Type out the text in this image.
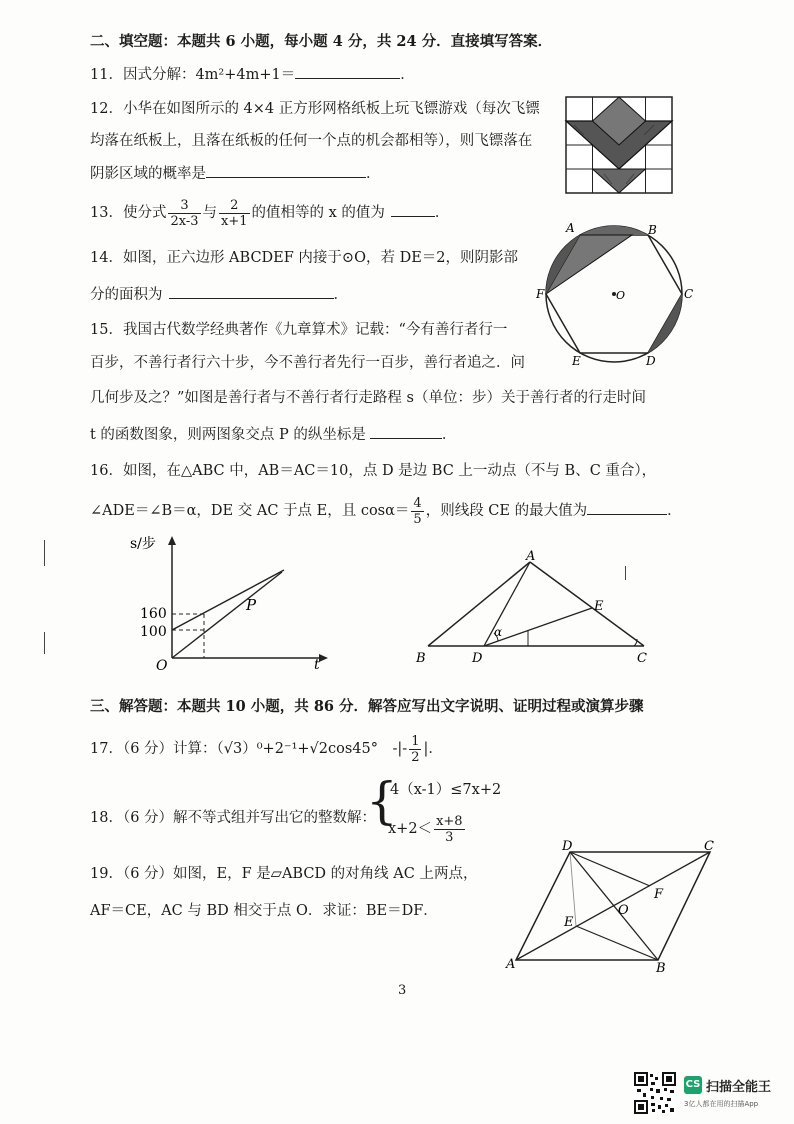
二、填空题：本题共 6 小题，每小题 4 分，共 24 分．直接填写答案．
11．因式分解：4m²+4m+1＝	．
12．小华在如图所示的 4×4 正方形网格纸板上玩飞镖游戏（每次飞镖
均落在纸板上，且落在纸板的任何一个点的机会都相等），则飞镖落在
阴影区域的概率是	．
13．使分式 $\frac{3}{2x-3}$ 与 $\frac{2}{x+1}$ 的值相等的 x 的值为	．
14．如图，正六边形 ABCDEF 内接于⊙O，若 DE＝2，则阴影部
分的面积为	．
A	B
C
D
E
F	O
15．我国古代数学经典著作《九章算术》记载：“今有善行者行一
百步，不善行者行六十步，今不善行者先行一百步，善行者追之．问
几何步及之？”如图是善行者与不善行者行走路程 s（单位：步）关于善行者的行走时间
t 的函数图象，则两图象交点 P 的纵坐标是	．
16．如图，在△ABC 中，AB＝AC＝10，点 D 是边 BC 上一动点（不与 B、C 重合），
∠ADE＝∠B＝α，DE 交 AC 于点 E，且 $\cos\alpha= \frac{4}{5}$ ，则线段 CE 的最大值为	．
s/步
t
O
P
160
100
A
B	C
D
E
α
三、解答题：本题共 10 小题，共 86 分．解答应写出文字说明、证明过程或演算步骤
17．（6 分）计算：（√3）⁰+2⁻¹+√2cos45°　-|- $\frac{1}{2}$ |．
18．（6 分）解不等式组并写出它的整数解：
{
4（x-1）≤7x+2
$x+2< \frac{x+8}{3}$
19．（6 分）如图，E，F 是▱ABCD 的对角线 AC 上两点，
AF＝CE，AC 与 BD 相交于点 O．求证：BE＝DF．
D	C
A	B
E
F
O
3
CS 扫描全能王
3亿人都在用的扫描App
